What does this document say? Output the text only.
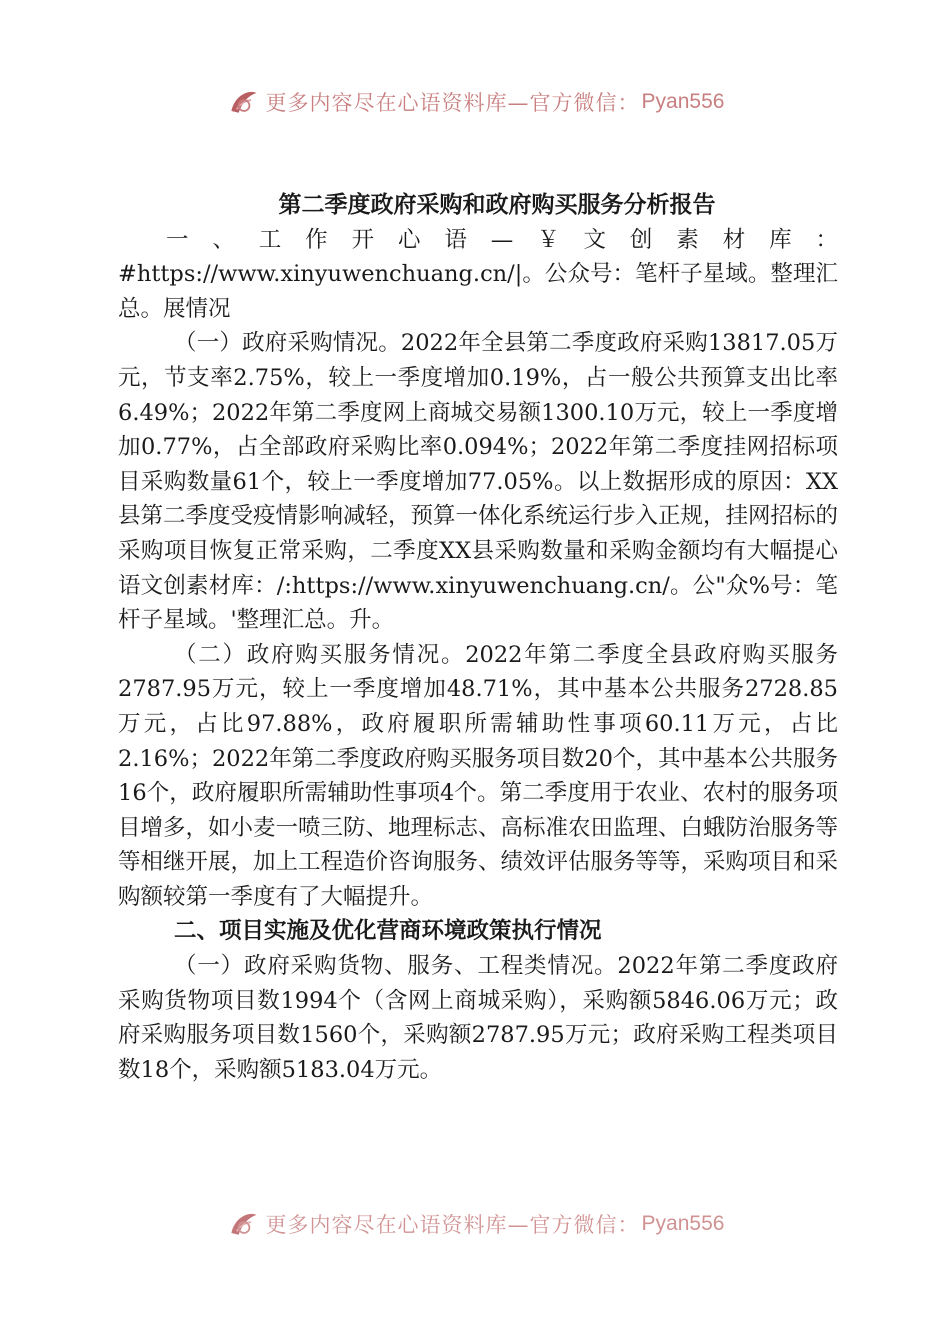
更多内容尽在心语资料库—官方微信： Pyan556

第二季度政府采购和政府购买服务分析报告

一、工作开心语—￥文创素材库：#https://www.xinyuwenchuang.cn/|。公众号：笔杆子星域。整理汇总。展情况

（一）政府采购情况。2022年全县第二季度政府采购13817.05万元，节支率2.75%，较上一季度增加0.19%，占一般公共预算支出比率6.49%；2022年第二季度网上商城交易额1300.10万元，较上一季度增加0.77%，占全部政府采购比率0.094%；2022年第二季度挂网招标项目采购数量61个，较上一季度增加77.05%。以上数据形成的原因：XX县第二季度受疫情影响减轻，预算一体化系统运行步入正规，挂网招标的采购项目恢复正常采购，二季度XX县采购数量和采购金额均有大幅提心语文创素材库：/:https://www.xinyuwenchuang.cn/。公"众%号：笔杆子星域。'整理汇总。升。

（二）政府购买服务情况。2022年第二季度全县政府购买服务2787.95万元，较上一季度增加48.71%，其中基本公共服务2728.85万元，占比97.88%，政府履职所需辅助性事项60.11万元，占比2.16%；2022年第二季度政府购买服务项目数20个，其中基本公共服务16个，政府履职所需辅助性事项4个。第二季度用于农业、农村的服务项目增多，如小麦一喷三防、地理标志、高标准农田监理、白蛾防治服务等等相继开展，加上工程造价咨询服务、绩效评估服务等等，采购项目和采购额较第一季度有了大幅提升。

二、项目实施及优化营商环境政策执行情况

（一）政府采购货物、服务、工程类情况。2022年第二季度政府采购货物项目数1994个（含网上商城采购），采购额5846.06万元；政府采购服务项目数1560个，采购额2787.95万元；政府采购工程类项目数18个，采购额5183.04万元。

更多内容尽在心语资料库—官方微信： Pyan556
